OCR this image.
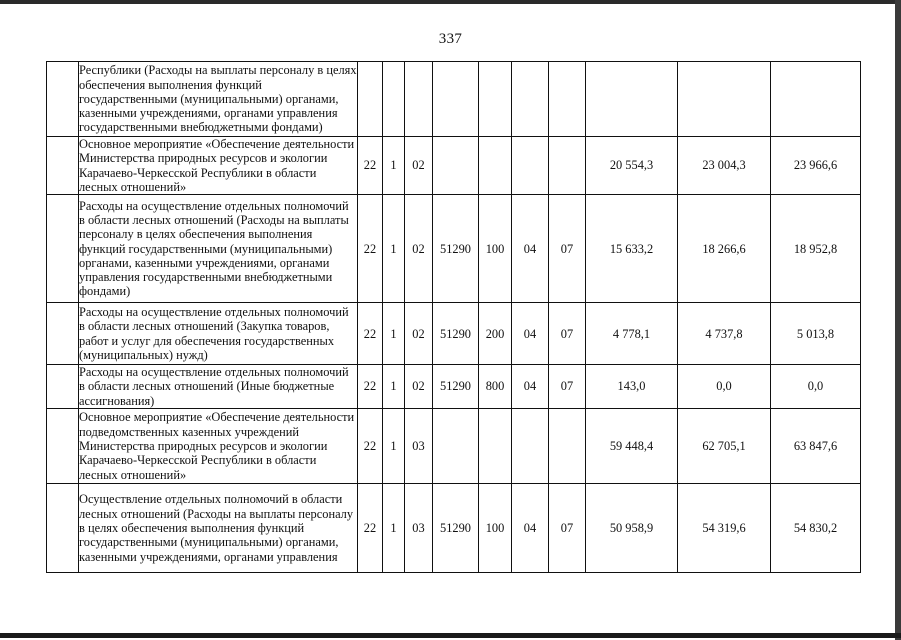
337
	Республики (Расходы на выплаты персоналу в целях обеспечения выполнения функций государственными (муниципальными) органами, казенными учреждениями, органами управления государственными внебюджетными фондами)										
	Основное мероприятие «Обеспечение деятельности Министерства природных ресурсов и экологии Карачаево-Черкесской Республики в области лесных отношений»	22	1	02					20 554,3	23 004,3	23 966,6
	Расходы на осуществление отдельных полномочий в области лесных отношений (Расходы на выплаты персоналу в целях обеспечения выполнения функций государственными (муниципальными) органами, казенными учреждениями, органами управления государственными внебюджетными фондами)	22	1	02	51290	100	04	07	15 633,2	18 266,6	18 952,8
	Расходы на осуществление отдельных полномочий в области лесных отношений (Закупка товаров, работ и услуг для обеспечения государственных (муниципальных) нужд)	22	1	02	51290	200	04	07	4 778,1	4 737,8	5 013,8
	Расходы на осуществление отдельных полномочий в области лесных отношений (Иные бюджетные ассигнования)	22	1	02	51290	800	04	07	143,0	0,0	0,0
	Основное мероприятие «Обеспечение деятельности подведомственных казенных учреждений Министерства природных ресурсов и экологии Карачаево-Черкесской Республики в области лесных отношений»	22	1	03					59 448,4	62 705,1	63 847,6
	Осуществление отдельных полномочий в области лесных отношений (Расходы на выплаты персоналу в целях обеспечения выполнения функций государственными (муниципальными) органами, казенными учреждениями, органами управления	22	1	03	51290	100	04	07	50 958,9	54 319,6	54 830,2
